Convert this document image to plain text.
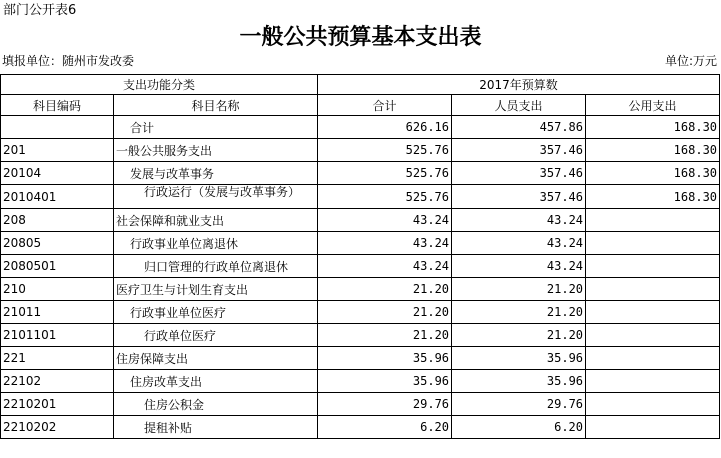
部门公开表6
一般公共预算基本支出表
填报单位：随州市发改委	单位:万元
支出功能分类		2017年预算数		
科目编码	科目名称	合计	人员支出	公用支出
	合计	626.16	457.86	168.30
201	一般公共服务支出	525.76	357.46	168.30
20104	发展与改革事务	525.76	357.46	168.30
2010401	行政运行（发展与改革事务）	525.76	357.46	168.30
208	社会保障和就业支出	43.24	43.24	
20805	行政事业单位离退休	43.24	43.24	
2080501	归口管理的行政单位离退休	43.24	43.24	
210	医疗卫生与计划生育支出	21.20	21.20	
21011	行政事业单位医疗	21.20	21.20	
2101101	行政单位医疗	21.20	21.20	
221	住房保障支出	35.96	35.96	
22102	住房改革支出	35.96	35.96	
2210201	住房公积金	29.76	29.76	
2210202	提租补贴	6.20	6.20	
